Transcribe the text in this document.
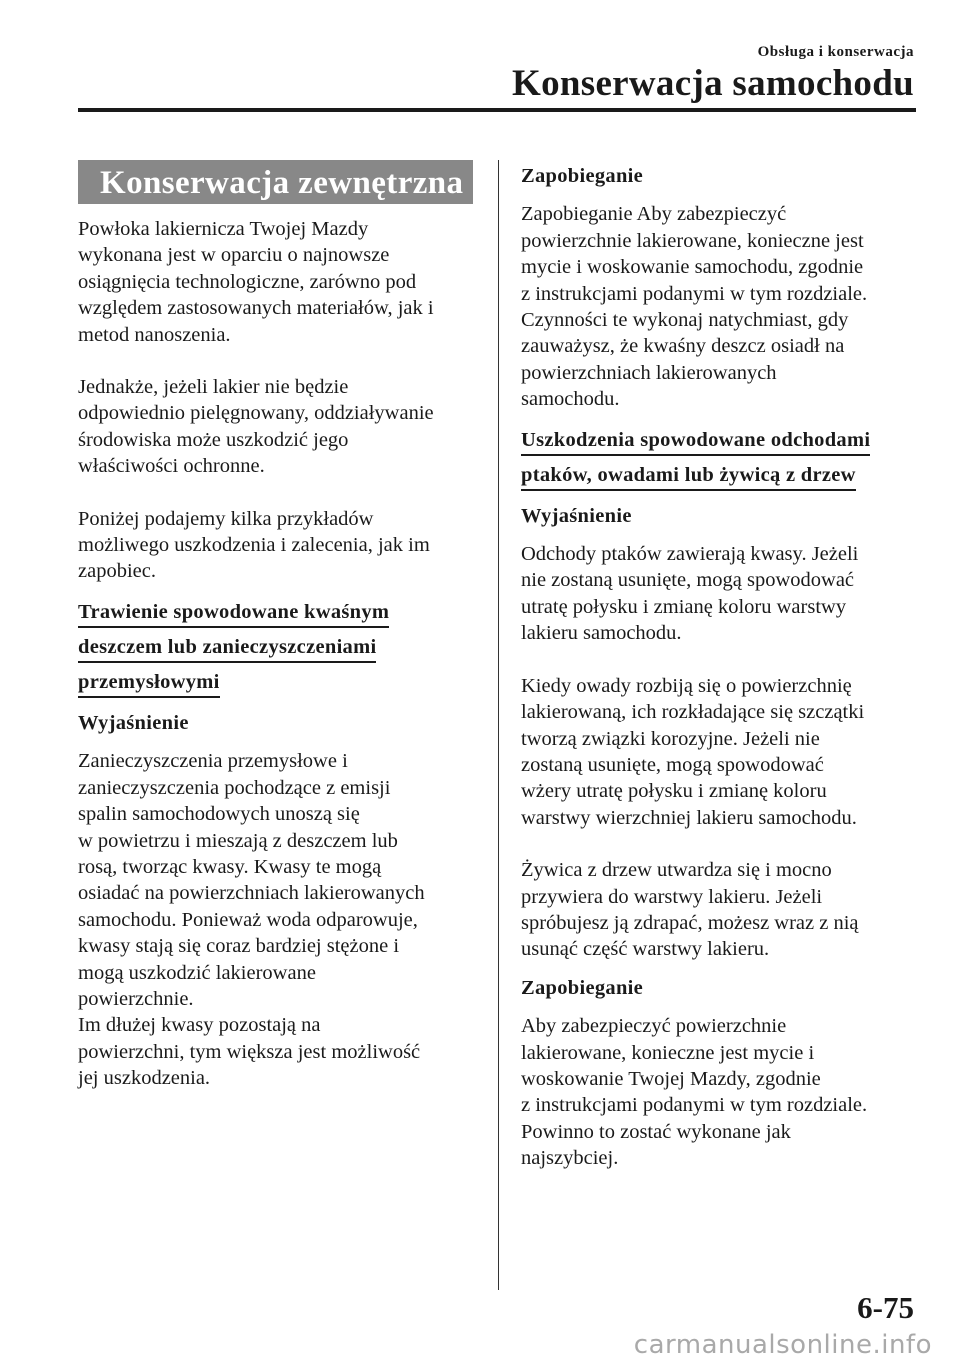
Obsługa i konserwacja
Konserwacja samochodu
Konserwacja zewnętrzna

Powłoka lakiernicza Twojej Mazdy
wykonana jest w oparciu o najnowsze
osiągnięcia technologiczne, zarówno pod
względem zastosowanych materiałów, jak i
metod nanoszenia.

Jednakże, jeżeli lakier nie będzie
odpowiednio pielęgnowany, oddziaływanie
środowiska może uszkodzić jego
właściwości ochronne.

Poniżej podajemy kilka przykładów
możliwego uszkodzenia i zalecenia, jak im
zapobiec.

Trawienie spowodowane kwaśnym
deszczem lub zanieczyszczeniami
przemysłowymi
Wyjaśnienie

Zanieczyszczenia przemysłowe i
zanieczyszczenia pochodzące z emisji
spalin samochodowych unoszą się
w powietrzu i mieszają z deszczem lub
rosą, tworząc kwasy. Kwasy te mogą
osiadać na powierzchniach lakierowanych
samochodu. Ponieważ woda odparowuje,
kwasy stają się coraz bardziej stężone i
mogą uszkodzić lakierowane
powierzchnie.
Im dłużej kwasy pozostają na
powierzchni, tym większa jest możliwość
jej uszkodzenia.

Zapobieganie

Zapobieganie Aby zabezpieczyć
powierzchnie lakierowane, konieczne jest
mycie i woskowanie samochodu, zgodnie
z instrukcjami podanymi w tym rozdziale.
Czynności te wykonaj natychmiast, gdy
zauważysz, że kwaśny deszcz osiadł na
powierzchniach lakierowanych
samochodu.

Uszkodzenia spowodowane odchodami
ptaków, owadami lub żywicą z drzew
Wyjaśnienie

Odchody ptaków zawierają kwasy. Jeżeli
nie zostaną usunięte, mogą spowodować
utratę połysku i zmianę koloru warstwy
lakieru samochodu.

Kiedy owady rozbiją się o powierzchnię
lakierowaną, ich rozkładające się szczątki
tworzą związki korozyjne. Jeżeli nie
zostaną usunięte, mogą spowodować
wżery utratę połysku i zmianę koloru
warstwy wierzchniej lakieru samochodu.

Żywica z drzew utwardza się i mocno
przywiera do warstwy lakieru. Jeżeli
spróbujesz ją zdrapać, możesz wraz z nią
usunąć część warstwy lakieru.

Zapobieganie

Aby zabezpieczyć powierzchnie
lakierowane, konieczne jest mycie i
woskowanie Twojej Mazdy, zgodnie
z instrukcjami podanymi w tym rozdziale.
Powinno to zostać wykonane jak
najszybciej.

6-75
carmanualsonline.info
